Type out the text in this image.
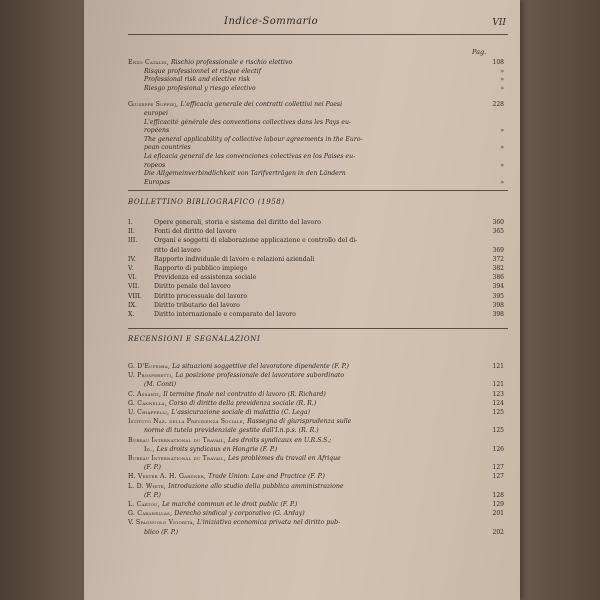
Indice-Sommario	VII
Pag.
Enzo Cataldi, Rischio professionale e rischio elettivo	108
Risque professionnel et risque électif	»
Professional risk and elective risk	»
Riesgo profesional y riesgo electivo	»
Giuseppe Suppiej, L'efficacia generale dei contratti collettivi nei Paesi	228
europei
L'efficacité générale des conventions collectives dans les Pays eu-
ropéens	»
The general applicability of collective labour agreements in the Euro-
pean countries	»
La eficacia general de las convenciones colectivas en los Paises eu-
ropeos	»
Die Allgemeinverbindlichkeit von Tarifverträgen in den Ländern
Europas	»
BOLLETTINO BIBLIOGRAFICO (1958)
I.	Opere generali, storia e sistema del diritto del lavoro	360
II.	Fonti del diritto del lavoro	365
III.	Organi e soggetti di elaborazione applicazione e controllo del di-
ritto del lavoro	369
IV.	Rapporto individuale di lavoro e relazioni aziendali	372
V.	Rapporto di pubblico impiego	382
VI.	Previdenza ed assistenza sociale	386
VII.	Diritto penale del lavoro	394
VIII.	Diritto processuale del lavoro	395
IX.	Diritto tributario del lavoro	398
X.	Diritto internazionale e comparato del lavoro	398
RECENSIONI E SEGNALAZIONI
G. D'Eufemia, La situazioni soggettive del lavoratore dipendente (F. P.)	121
U. Prosperetti, La posizione professionale del lavoratore subordinato
(M. Conti)	121
C. Assanti, Il termine finale nel contratto di lavoro (R. Richard)	123
G. Cannella, Corso di diritto della previdenza sociale (R. R.)	124
U. Chiappelli, L'assicurazione sociale di malattia (C. Lega)	125
Istituto Naz. della Previdenza Sociale, Rassegna di giurisprudenza sulle
norme di tutela previdenziale gestite dall'I.n.p.s. (R. R.)	125
Bureau International du Travail, Les droits syndicaux en U.R.S.S.;
Id., Les droits syndicaux en Hongrie (F. P.)	126
Bureau International du Travail, Les problèmes du travail en Afrique
(F. P.)	127
H. Vester A. H. Gardner, Trade Union: Law and Practice (F. P.)	127
L. D. White, Introduzione allo studio della pubblica amministrazione
(F. P.)	128
L. Cartou, Le marché commun et le droit public (F. P.)	129
G. Cabanellas, Derecho sindical y corporativo (G. Arday)	201
V. Spagnuolo Vigorita, L'iniziativa economica privata nel diritto pub-
blico (F. P.)	202
